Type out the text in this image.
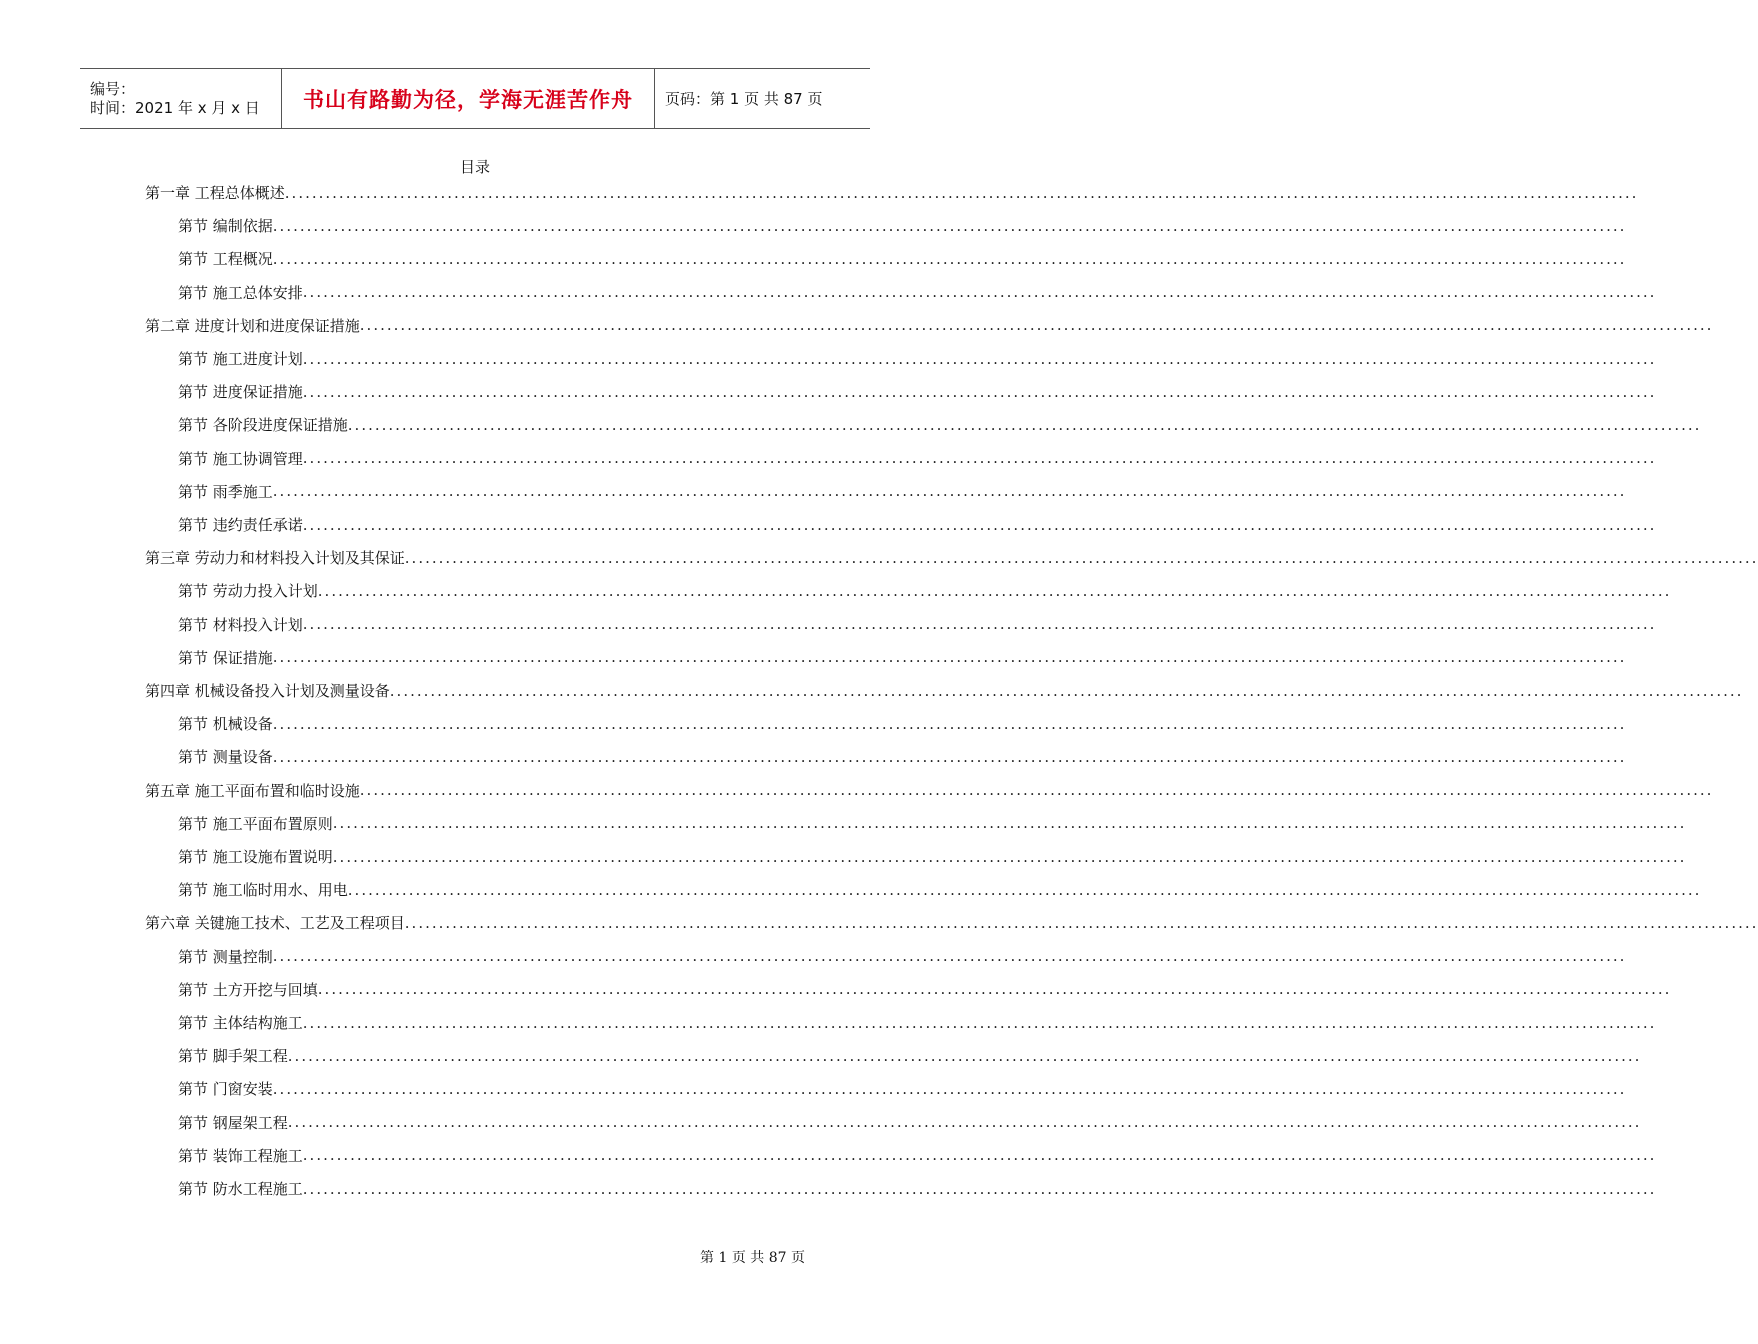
编号：
时间：2021 年 x 月 x 日	书山有路勤为径，学海无涯苦作舟	页码：第 1 页 共 87 页
目录
第一章 工程总体概述 ........................................................................................................................................................................................................
第节 编制依据 ........................................................................................................................................................................................................
第节 工程概况 ........................................................................................................................................................................................................
第节 施工总体安排 ........................................................................................................................................................................................................
第二章 进度计划和进度保证措施 ........................................................................................................................................................................................................
第节 施工进度计划 ........................................................................................................................................................................................................
第节 进度保证措施 ........................................................................................................................................................................................................
第节 各阶段进度保证措施 ........................................................................................................................................................................................................
第节 施工协调管理 ........................................................................................................................................................................................................
第节 雨季施工 ........................................................................................................................................................................................................
第节 违约责任承诺 ........................................................................................................................................................................................................
第三章 劳动力和材料投入计划及其保证 ........................................................................................................................................................................................................
第节 劳动力投入计划 ........................................................................................................................................................................................................
第节 材料投入计划 ........................................................................................................................................................................................................
第节 保证措施 ........................................................................................................................................................................................................
第四章 机械设备投入计划及测量设备 ........................................................................................................................................................................................................
第节 机械设备 ........................................................................................................................................................................................................
第节 测量设备 ........................................................................................................................................................................................................
第五章 施工平面布置和临时设施 ........................................................................................................................................................................................................
第节 施工平面布置原则 ........................................................................................................................................................................................................
第节 施工设施布置说明 ........................................................................................................................................................................................................
第节 施工临时用水、用电 ........................................................................................................................................................................................................
第六章 关键施工技术、工艺及工程项目 ........................................................................................................................................................................................................
第节 测量控制 ........................................................................................................................................................................................................
第节 土方开挖与回填 ........................................................................................................................................................................................................
第节 主体结构施工 ........................................................................................................................................................................................................
第节 脚手架工程 ........................................................................................................................................................................................................
第节 门窗安装 ........................................................................................................................................................................................................
第节 钢屋架工程 ........................................................................................................................................................................................................
第节 装饰工程施工 ........................................................................................................................................................................................................
第节 防水工程施工 ........................................................................................................................................................................................................
第 1 页 共 87 页
